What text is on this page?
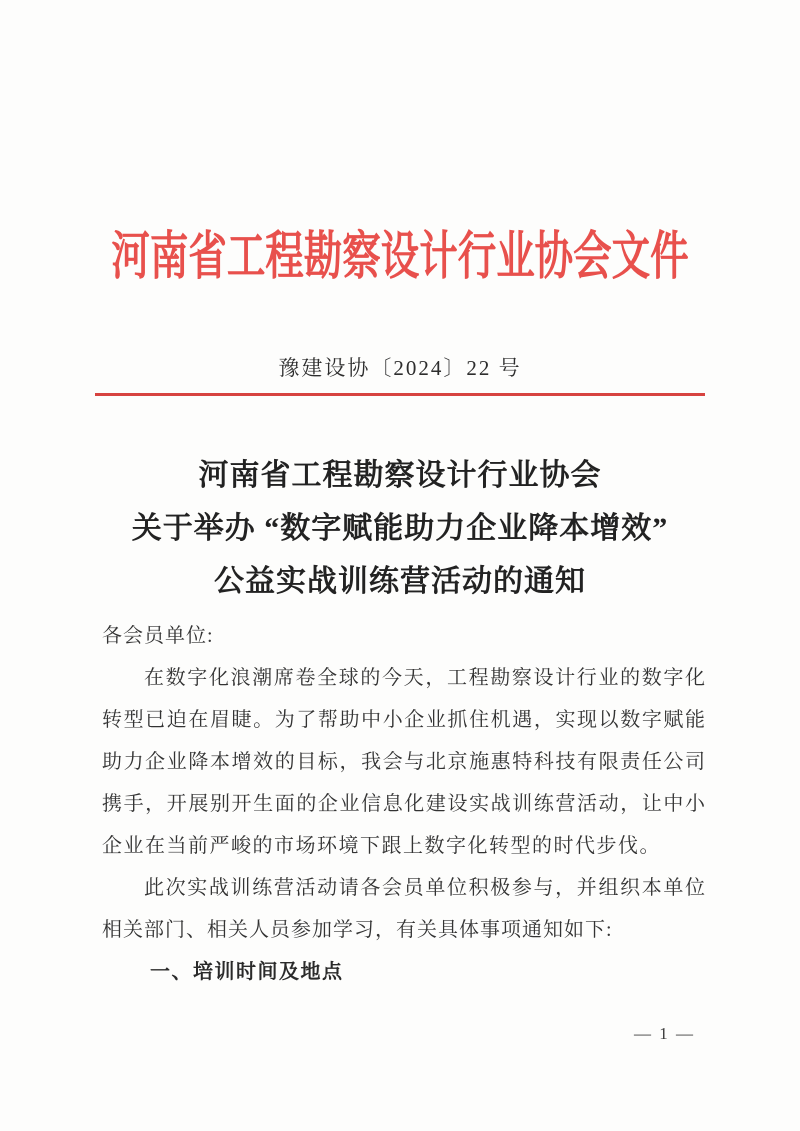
河南省工程勘察设计行业协会文件
豫建设协〔2024〕22 号
河南省工程勘察设计行业协会
关于举办 “数字赋能助力企业降本增效”
公益实战训练营活动的通知
各会员单位:
在数字化浪潮席卷全球的今天，工程勘察设计行业的数字化
转型已迫在眉睫。为了帮助中小企业抓住机遇，实现以数字赋能
助力企业降本增效的目标，我会与北京施惠特科技有限责任公司
携手，开展别开生面的企业信息化建设实战训练营活动，让中小
企业在当前严峻的市场环境下跟上数字化转型的时代步伐。
此次实战训练营活动请各会员单位积极参与，并组织本单位
相关部门、相关人员参加学习，有关具体事项通知如下:
一、培训时间及地点
— 1 —
